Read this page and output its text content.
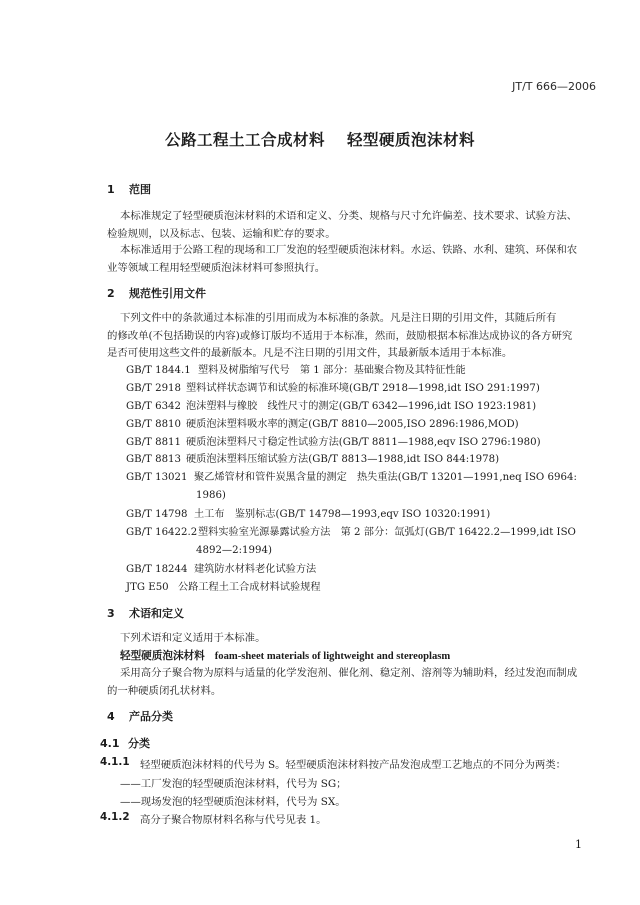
JT/T 666—2006
公路工程土工合成材料 轻型硬质泡沫材料
1 范围
本标准规定了轻型硬质泡沫材料的术语和定义、分类、规格与尺寸允许偏差、技术要求、试验方法、
检验规则，以及标志、包装、运输和贮存的要求。
本标准适用于公路工程的现场和工厂发泡的轻型硬质泡沫材料。水运、铁路、水利、建筑、环保和农
业等领域工程用轻型硬质泡沫材料可参照执行。
2 规范性引用文件
下列文件中的条款通过本标准的引用而成为本标准的条款。凡是注日期的引用文件，其随后所有
的修改单(不包括勘误的内容)或修订版均不适用于本标准，然而，鼓励根据本标准达成协议的各方研究
是否可使用这些文件的最新版本。凡是不注日期的引用文件，其最新版本适用于本标准。
GB/T 1844.1 塑料及树脂缩写代号　第 1 部分：基础聚合物及其特征性能
GB/T 2918 塑料试样状态调节和试验的标准环境(GB/T 2918—1998,idt ISO 291:1997)
GB/T 6342 泡沫塑料与橡胶　线性尺寸的测定(GB/T 6342—1996,idt ISO 1923:1981)
GB/T 8810 硬质泡沫塑料吸水率的测定(GB/T 8810—2005,ISO 2896:1986,MOD)
GB/T 8811 硬质泡沫塑料尺寸稳定性试验方法(GB/T 8811—1988,eqv ISO 2796:1980)
GB/T 8813 硬质泡沫塑料压缩试验方法(GB/T 8813—1988,idt ISO 844:1978)
GB/T 13021 聚乙烯管材和管件炭黑含量的测定　热失重法(GB/T 13201—1991,neq ISO 6964:
1986)
GB/T 14798 土工布　鉴别标志(GB/T 14798—1993,eqv ISO 10320:1991)
GB/T 16422.2塑料实验室光源暴露试验方法　第 2 部分：氙弧灯(GB/T 16422.2—1999,idt ISO
4892—2:1994)
GB/T 18244 建筑防水材料老化试验方法
JTG E50 公路工程土工合成材料试验规程
3 术语和定义
下列术语和定义适用于本标准。
轻型硬质泡沫材料 foam-sheet materials of lightweight and stereoplasm
采用高分子聚合物为原料与适量的化学发泡剂、催化剂、稳定剂、溶剂等为辅助料，经过发泡而制成
的一种硬质闭孔状材料。
4 产品分类
4.1 分类
4.1.1 轻型硬质泡沫材料的代号为 S。轻型硬质泡沫材料按产品发泡成型工艺地点的不同分为两类：
——工厂发泡的轻型硬质泡沫材料，代号为 SG；
——现场发泡的轻型硬质泡沫材料，代号为 SX。
4.1.2 高分子聚合物原材料名称与代号见表 1。
1
